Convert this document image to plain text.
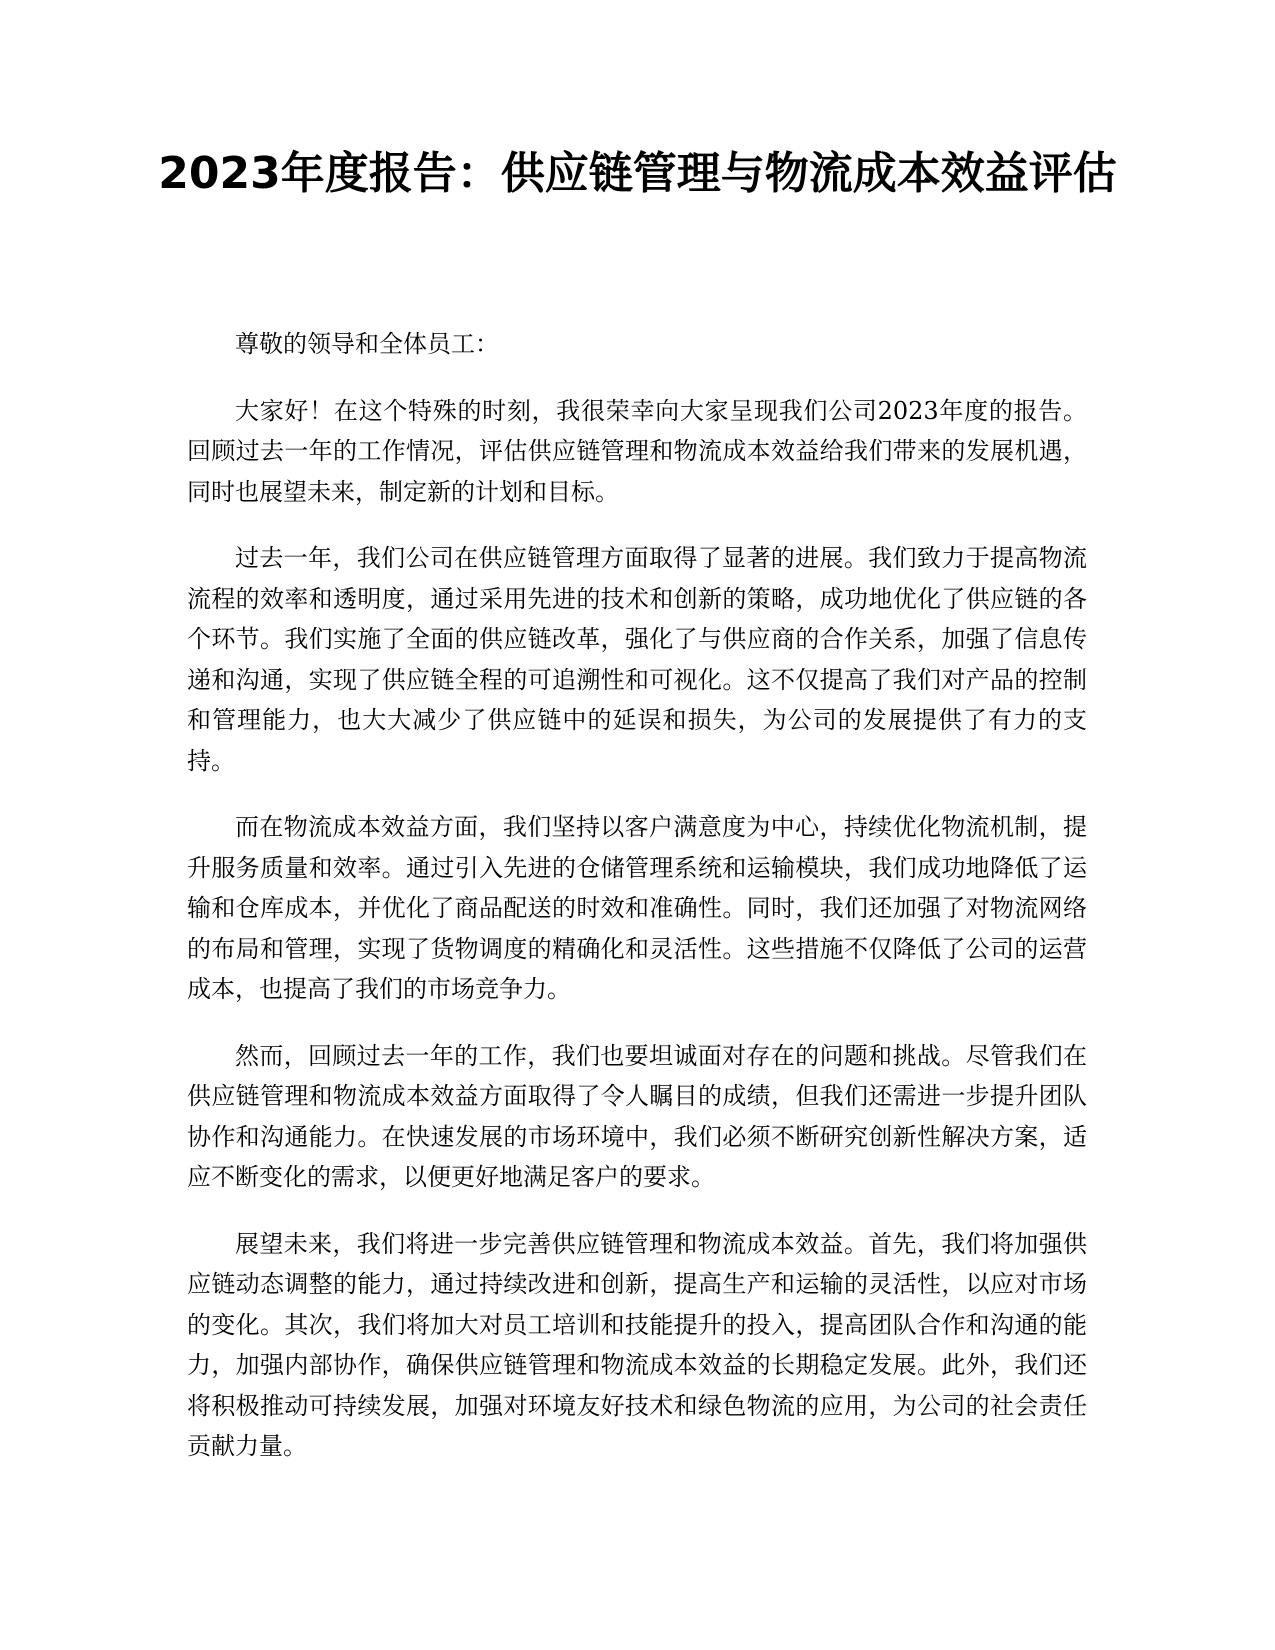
2023年度报告：供应链管理与物流成本效益评估

尊敬的领导和全体员工：

大家好！在这个特殊的时刻，我很荣幸向大家呈现我们公司2023年度的报告。回顾过去一年的工作情况，评估供应链管理和物流成本效益给我们带来的发展机遇，同时也展望未来，制定新的计划和目标。

过去一年，我们公司在供应链管理方面取得了显著的进展。我们致力于提高物流流程的效率和透明度，通过采用先进的技术和创新的策略，成功地优化了供应链的各个环节。我们实施了全面的供应链改革，强化了与供应商的合作关系，加强了信息传递和沟通，实现了供应链全程的可追溯性和可视化。这不仅提高了我们对产品的控制和管理能力，也大大减少了供应链中的延误和损失，为公司的发展提供了有力的支持。

而在物流成本效益方面，我们坚持以客户满意度为中心，持续优化物流机制，提升服务质量和效率。通过引入先进的仓储管理系统和运输模块，我们成功地降低了运输和仓库成本，并优化了商品配送的时效和准确性。同时，我们还加强了对物流网络的布局和管理，实现了货物调度的精确化和灵活性。这些措施不仅降低了公司的运营成本，也提高了我们的市场竞争力。

然而，回顾过去一年的工作，我们也要坦诚面对存在的问题和挑战。尽管我们在供应链管理和物流成本效益方面取得了令人瞩目的成绩，但我们还需进一步提升团队协作和沟通能力。在快速发展的市场环境中，我们必须不断研究创新性解决方案，适应不断变化的需求，以便更好地满足客户的要求。

展望未来，我们将进一步完善供应链管理和物流成本效益。首先，我们将加强供应链动态调整的能力，通过持续改进和创新，提高生产和运输的灵活性，以应对市场的变化。其次，我们将加大对员工培训和技能提升的投入，提高团队合作和沟通的能力，加强内部协作，确保供应链管理和物流成本效益的长期稳定发展。此外，我们还将积极推动可持续发展，加强对环境友好技术和绿色物流的应用，为公司的社会责任贡献力量。
